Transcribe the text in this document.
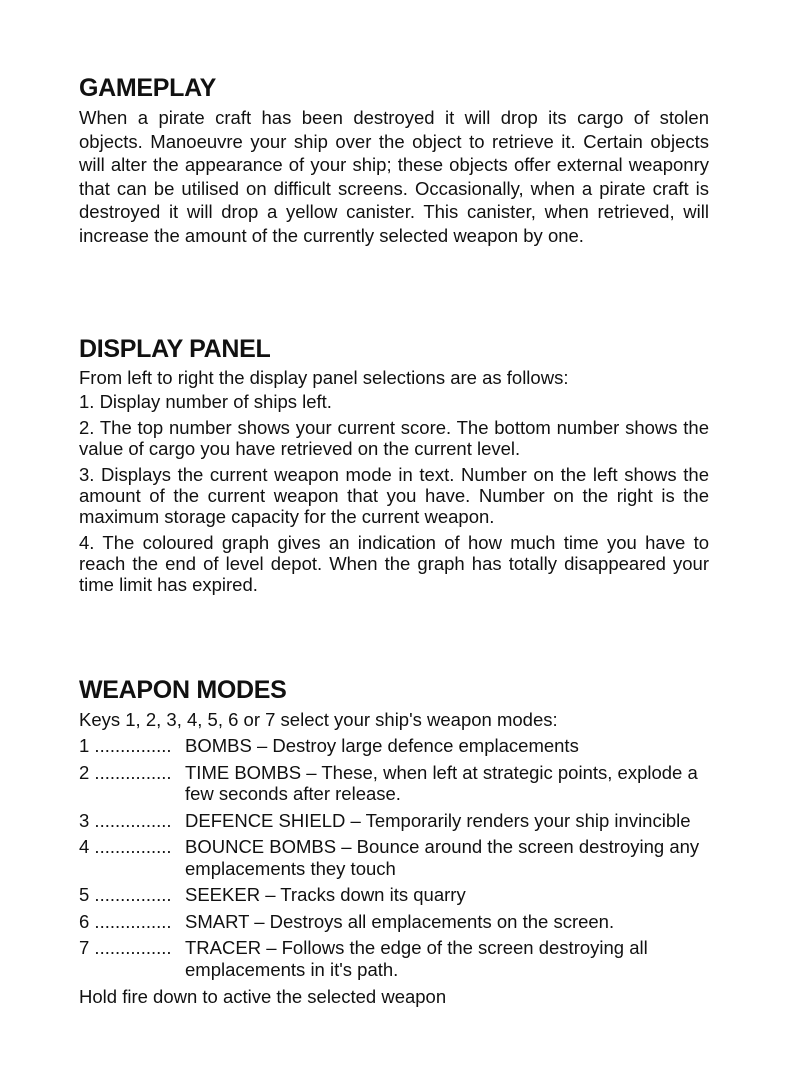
GAMEPLAY

When a pirate craft has been destroyed it will drop its cargo of stolen objects. Manoeuvre your ship over the object to retrieve it. Certain objects will alter the appearance of your ship; these objects offer external weaponry that can be utilised on difficult screens. Occasionally, when a pirate craft is destroyed it will drop a yellow canister. This canister, when retrieved, will increase the amount of the currently selected weapon by one.

DISPLAY PANEL

From left to right the display panel selections are as follows:

1. Display number of ships left.

2. The top number shows your current score. The bottom number shows the value of cargo you have retrieved on the current level.

3. Displays the current weapon mode in text. Number on the left shows the amount of the current weapon that you have. Number on the right is the maximum storage capacity for the current weapon.

4. The coloured graph gives an indication of how much time you have to reach the end of level depot. When the graph has totally disappeared your time limit has expired.

WEAPON MODES

Keys 1, 2, 3, 4, 5, 6 or 7 select your ship's weapon modes:

1 ............... BOMBS – Destroy large defence emplacements
2 ............... TIME BOMBS – These, when left at strategic points, explode a few seconds after release.
3 ............... DEFENCE SHIELD – Temporarily renders your ship invincible
4 ............... BOUNCE BOMBS – Bounce around the screen destroying any emplacements they touch
5 ............... SEEKER – Tracks down its quarry
6 ............... SMART – Destroys all emplacements on the screen.
7 ............... TRACER – Follows the edge of the screen destroying all emplacements in it's path.

Hold fire down to active the selected weapon
